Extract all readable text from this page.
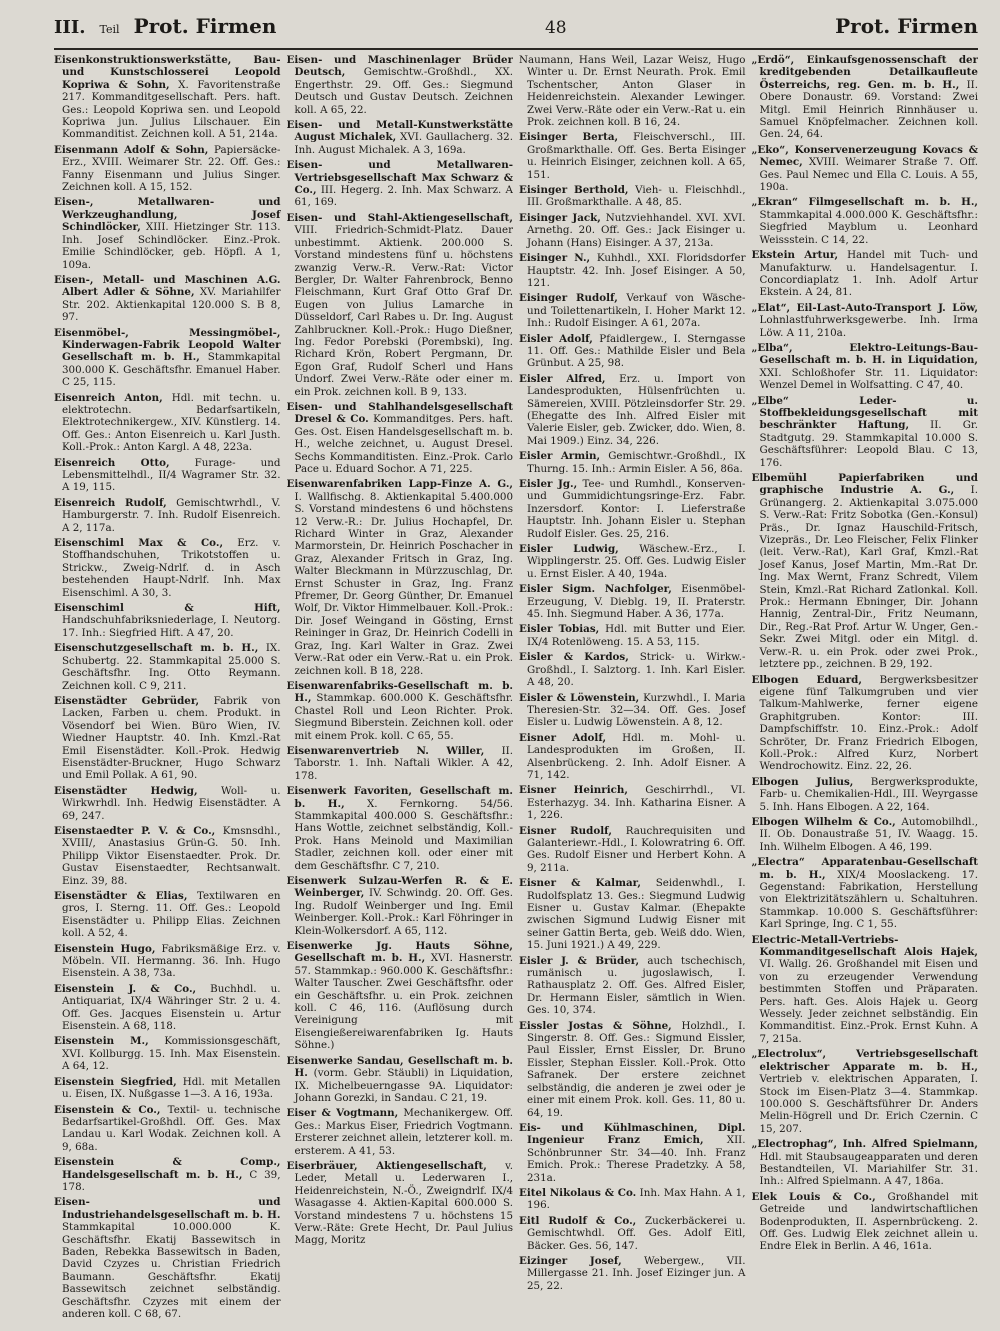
III. Teil Prot. Firmen	48	Prot. Firmen

Eisenkonstruktionswerkstätte, Bau- und Kunstschlosserei Leopold Kopriwa & Sohn, X. Favoritenstraße 217. Kommanditgesellschaft. Pers. haft. Ges.: Leopold Kopriwa sen. und Leopold Kopriwa jun. Julius Lilschauer. Ein Kommanditist. Zeichnen koll. A 51, 214a.

Eisenmann Adolf & Sohn, Papiersäcke-Erz., XVIII. Weimarer Str. 22. Off. Ges.: Fanny Eisenmann und Julius Singer. Zeichnen koll. A 15, 152.

Eisen-, Metallwaren- und Werkzeughandlung, Josef Schindlöcker, XIII. Hietzinger Str. 113. Inh. Josef Schindlöcker. Einz.-Prok. Emilie Schindlöcker, geb. Höpfl. A 1, 109a.

Eisen-, Metall- und Maschinen A.G. Albert Adler & Söhne, XV. Mariahilfer Str. 202. Aktienkapital 120.000 S. B 8, 97.

Eisenmöbel-, Messingmöbel-, Kinderwagen-Fabrik Leopold Walter Gesellschaft m. b. H., Stammkapital 300.000 K. Geschäftsfhr. Emanuel Haber. C 25, 115.

Eisenreich Anton, Hdl. mit techn. u. elektrotechn. Bedarfsartikeln, Elektrotechnikergew., XIV. Künstlerg. 14. Off. Ges.: Anton Eisenreich u. Karl Justh. Koll.-Prok.: Anton Kargl. A 48, 223a.

Eisenreich Otto, Furage- und Lebensmittelhdl., II/4 Wagramer Str. 32. A 19, 115.

Eisenreich Rudolf, Gemischtwrhdl., V. Hamburgerstr. 7. Inh. Rudolf Eisenreich. A 2, 117a.

Eisenschiml Max & Co., Erz. v. Stoffhandschuhen, Trikotstoffen u. Strickw., Zweig-Ndrlf. d. in Asch bestehenden Haupt-Ndrlf. Inh. Max Eisenschiml. A 30, 3.

Eisenschiml & Hift, Handschuhfabriksniederlage, I. Neutorg. 17. Inh.: Siegfried Hift. A 47, 20.

Eisenschutzgesellschaft m. b. H., IX. Schubertg. 22. Stammkapital 25.000 S. Geschäftsfhr. Ing. Otto Reymann. Zeichnen koll. C 9, 211.

Eisenstädter Gebrüder, Fabrik von Lacken, Farben u. chem. Produkt. in Vösendorf bei Wien. Büro Wien, IV. Wiedner Hauptstr. 40. Inh. Kmzl.-Rat Emil Eisenstädter. Koll.-Prok. Hedwig Eisenstädter-Bruckner, Hugo Schwarz und Emil Pollak. A 61, 90.

Eisenstädter Hedwig, Woll- u. Wirkwrhdl. Inh. Hedwig Eisenstädter. A 69, 247.

Eisenstaedter P. V. & Co., Kmsnsdhl., XVIII/, Anastasius Grün-G. 50. Inh. Philipp Viktor Eisenstaedter. Prok. Dr. Gustav Eisenstaedter, Rechtsanwalt. Einz. 39, 88.

Eisenstädter & Elias, Textilwaren en gros, I. Sterng. 11. Off. Ges.: Leopold Eisenstädter u. Philipp Elias. Zeichnen koll. A 52, 4.

Eisenstein Hugo, Fabriksmäßige Erz. v. Möbeln. VII. Hermanng. 36. Inh. Hugo Eisenstein. A 38, 73a.

Eisenstein J. & Co., Buchhdl. u. Antiquariat, IX/4 Währinger Str. 2 u. 4. Off. Ges. Jacques Eisenstein u. Artur Eisenstein. A 68, 118.

Eisenstein M., Kommissionsgeschäft, XVI. Kollburgg. 15. Inh. Max Eisenstein. A 64, 12.

Eisenstein Siegfried, Hdl. mit Metallen u. Eisen, IX. Nußgasse 1—3. A 16, 193a.

Eisenstein & Co., Textil- u. technische Bedarfsartikel-Großhdl. Off. Ges. Max Landau u. Karl Wodak. Zeichnen koll. A 9, 68a.

Eisenstein & Comp., Handelsgesellschaft m. b. H., C 39, 178.

Eisen- und Industriehandelsgesellschaft m. b. H. Stammkapital 10.000.000 K. Geschäftsfhr. Ekatij Bassewitsch in Baden, Rebekka Bassewitsch in Baden, David Czyzes u. Christian Friedrich Baumann. Geschäftsfhr. Ekatij Bassewitsch zeichnet selbständig. Geschäftsfhr. Czyzes mit einem der anderen koll. C 68, 67.

Eisen- und Maschinenlager Brüder Deutsch, Gemischtw.-Großhdl., XX. Engerthstr. 29. Off. Ges.: Siegmund Deutsch und Gustav Deutsch. Zeichnen koll. A 65, 22.

Eisen- und Metall-Kunstwerkstätte August Michalek, XVI. Gaullacherg. 32. Inh. August Michalek. A 3, 169a.

Eisen- und Metallwaren-Vertriebsgesellschaft Max Schwarz & Co., III. Hegerg. 2. Inh. Max Schwarz. A 61, 169.

Eisen- und Stahl-Aktiengesellschaft, VIII. Friedrich-Schmidt-Platz. Dauer unbestimmt. Aktienk. 200.000 S. Vorstand mindestens fünf u. höchstens zwanzig Verw.-R. Verw.-Rat: Victor Bergler, Dr. Walter Fahrenbrock, Benno Fleischmann, Kurt Graf Otto Graf Dr. Eugen von Julius Lamarche in Düsseldorf, Carl Rabes u. Dr. Ing. August Zahlbruckner. Koll.-Prok.: Hugo Dießner, Ing. Fedor Porebski (Porembski), Ing. Richard Krön, Robert Pergmann, Dr. Egon Graf, Rudolf Scherl und Hans Undorf. Zwei Verw.-Räte oder einer m. ein Prok. zeichnen koll. B 9, 133.

Eisen- und Stahlhandelsgesellschaft Dresel & Co. Kommanditges. Pers. haft. Ges. Ost. Eisen Handelsgesellschaft m. b. H., welche zeichnet, u. August Dresel. Sechs Kommanditisten. Einz.-Prok. Carlo Pace u. Eduard Sochor. A 71, 225.

Eisenwarenfabriken Lapp-Finze A. G., I. Wallfischg. 8. Aktienkapital 5.400.000 S. Vorstand mindestens 6 und höchstens 12 Verw.-R.: Dr. Julius Hochapfel, Dr. Richard Winter in Graz, Alexander Marmorstein, Dr. Heinrich Poschacher in Graz, Alexander Fritsch in Graz, Ing. Walter Bleckmann in Mürzzuschlag, Dr. Ernst Schuster in Graz, Ing. Franz Pfremer, Dr. Georg Günther, Dr. Emanuel Wolf, Dr. Viktor Himmelbauer. Koll.-Prok.: Dir. Josef Weingand in Gösting, Ernst Reininger in Graz, Dr. Heinrich Codelli in Graz, Ing. Karl Walter in Graz. Zwei Verw.-Rat oder ein Verw.-Rat u. ein Prok. zeichnen koll. B 18, 228.

Eisenwarenfabriks-Gesellschaft m. b. H., Stammkap. 600.000 K. Geschäftsfhr. Chastel Roll und Leon Richter. Prok. Siegmund Biberstein. Zeichnen koll. oder mit einem Prok. koll. C 65, 55.

Eisenwarenvertrieb N. Willer, II. Taborstr. 1. Inh. Naftali Wikler. A 42, 178.

Eisenwerk Favoriten, Gesellschaft m. b. H., X. Fernkorng. 54/56. Stammkapital 400.000 S. Geschäftsfhr.: Hans Wottle, zeichnet selbständig, Koll.-Prok. Hans Meinold und Maximilian Stadler, zeichnen koll. oder einer mit dem Geschäftsfhr. C 7, 210.

Eisenwerk Sulzau-Werfen R. & E. Weinberger, IV. Schwindg. 20. Off. Ges. Ing. Rudolf Weinberger und Ing. Emil Weinberger. Koll.-Prok.: Karl Föhringer in Klein-Wolkersdorf. A 65, 112.

Eisenwerke Jg. Hauts Söhne, Gesellschaft m. b. H., XVI. Hasnerstr. 57. Stammkap.: 960.000 K. Geschäftsfhr.: Walter Tauscher. Zwei Geschäftsfhr. oder ein Geschäftsfhr. u. ein Prok. zeichnen koll. C 46, 116. (Auflösung durch Vereinigung mit Eisengießereiwarenfabriken Ig. Hauts Söhne.)

Eisenwerke Sandau, Gesellschaft m. b. H. (vorm. Gebr. Stäubli) in Liquidation, IX. Michelbeuerngasse 9A. Liquidator: Johann Gorezki, in Sandau. C 21, 19.

Eiser & Vogtmann, Mechanikergew. Off. Ges.: Markus Eiser, Friedrich Vogtmann. Ersterer zeichnet allein, letzterer koll. m. ersterem. A 41, 53.

Eiserbräuer, Aktiengesellschaft, v. Leder, Metall u. Lederwaren I., Heidenreichstein, N.-Ö., Zweigndrlf. IX/4 Wasagasse 4. Aktien-Kapital 600.000 S. Vorstand mindestens 7 u. höchstens 15 Verw.-Räte: Grete Hecht, Dr. Paul Julius Magg, Moritz

Naumann, Hans Weil, Lazar Weisz, Hugo Winter u. Dr. Ernst Neurath. Prok. Emil Tschentscher, Anton Glaser in Heidenreichstein. Alexander Lewinger. Zwei Verw.-Räte oder ein Verw.-Rat u. ein Prok. zeichnen koll. B 16, 24.

Eisinger Berta, Fleischverschl., III. Großmarkthalle. Off. Ges. Berta Eisinger u. Heinrich Eisinger, zeichnen koll. A 65, 151.

Eisinger Berthold, Vieh- u. Fleischhdl., III. Großmarkthalle. A 48, 85.

Eisinger Jack, Nutzviehhandel. XVI. XVI. Arnethg. 20. Off. Ges.: Jack Eisinger u. Johann (Hans) Eisinger. A 37, 213a.

Eisinger N., Kuhhdl., XXI. Floridsdorfer Hauptstr. 42. Inh. Josef Eisinger. A 50, 121.

Eisinger Rudolf, Verkauf von Wäsche- und Toilettenartikeln, I. Hoher Markt 12. Inh.: Rudolf Eisinger. A 61, 207a.

Eisler Adolf, Pfaidlergew., I. Sterngasse 11. Off. Ges.: Mathilde Eisler und Bela Grünbut. A 25, 98.

Eisler Alfred, Erz. u. Import von Landesprodukten, Hülsenfrüchten u. Sämereien, XVIII. Pötzleinsdorfer Str. 29. (Ehegatte des Inh. Alfred Eisler mit Valerie Eisler, geb. Zwicker, ddo. Wien, 8. Mai 1909.) Einz. 34, 226.

Eisler Armin, Gemischtwr.-Großhdl., IX Thurng. 15. Inh.: Armin Eisler. A 56, 86a.

Eisler Jg., Tee- und Rumhdl., Konserven- und Gummidichtungsringe-Erz. Fabr. Inzersdorf. Kontor: I. Lieferstraße Hauptstr. Inh. Johann Eisler u. Stephan Rudolf Eisler. Ges. 25, 216.

Eisler Ludwig, Wäschew.-Erz., I. Wipplingerstr. 25. Off. Ges. Ludwig Eisler u. Ernst Eisler. A 40, 194a.

Eisler Sigm. Nachfolger, Eisenmöbel-Erzeugung, V. Dieblg. 19, II. Praterstr. 45. Inh. Siegmund Haber. A 36, 177a.

Eisler Tobias, Hdl. mit Butter und Eier. IX/4 Rotenlöweng. 15. A 53, 115.

Eisler & Kardos, Strick- u. Wirkw.-Großhdl., I. Salztorg. 1. Inh. Karl Eisler. A 48, 20.

Eisler & Löwenstein, Kurzwhdl., I. Maria Theresien-Str. 32—34. Off. Ges. Josef Eisler u. Ludwig Löwenstein. A 8, 12.

Eisner Adolf, Hdl. m. Mohl- u. Landesprodukten im Großen, II. Alsenbrückeng. 2. Inh. Adolf Eisner. A 71, 142.

Eisner Heinrich, Geschirrhdl., VI. Esterhazyg. 34. Inh. Katharina Eisner. A 1, 226.

Eisner Rudolf, Rauchrequisiten und Galanteriewr.-Hdl., I. Kolowratring 6. Off. Ges. Rudolf Eisner und Herbert Kohn. A 9, 211a.

Eisner & Kalmar, Seidenwhdl., I. Rudolfsplatz 13. Ges.: Siegmund Ludwig Eisner u. Gustav Kalmar. (Ehepakte zwischen Sigmund Ludwig Eisner mit seiner Gattin Berta, geb. Weiß ddo. Wien, 15. Juni 1921.) A 49, 229.

Eisler J. & Brüder, auch tschechisch, rumänisch u. jugoslawisch, I. Rathausplatz 2. Off. Ges. Alfred Eisler, Dr. Hermann Eisler, sämtlich in Wien. Ges. 10, 374.

Eissler Jostas & Söhne, Holzhdl., I. Singerstr. 8. Off. Ges.: Sigmund Eissler, Paul Eissler, Ernst Eissler, Dr. Bruno Eissler, Stephan Eissler. Koll.-Prok. Otto Safranek. Der erstere zeichnet selbständig, die anderen je zwei oder je einer mit einem Prok. koll. Ges. 11, 80 u. 64, 19.

Eis- und Kühlmaschinen, Dipl. Ingenieur Franz Emich, XII. Schönbrunner Str. 34—40. Inh. Franz Emich. Prok.: Therese Pradetzky. A 58, 231a.

Eitel Nikolaus & Co. Inh. Max Hahn. A 1, 196.

Eitl Rudolf & Co., Zuckerbäckerei u. Gemischtwhdl. Off. Ges. Adolf Eitl, Bäcker. Ges. 56, 147.

Eizinger Josef, Webergew., VII. Millergasse 21. Inh. Josef Eizinger jun. A 25, 22.

„Erdö“, Einkaufsgenossenschaft der kreditgebenden Detailkaufleute Österreichs, reg. Gen. m. b. H., II. Obere Donaustr. 69. Vorstand: Zwei Mitgl. Emil Heinrich Rinnhäuser u. Samuel Knöpfelmacher. Zeichnen koll. Gen. 24, 64.

„Eko“, Konservenerzeugung Kovacs & Nemec, XVIII. Weimarer Straße 7. Off. Ges. Paul Nemec und Ella C. Louis. A 55, 190a.

„Ekran“ Filmgesellschaft m. b. H., Stammkapital 4.000.000 K. Geschäftsfhr.: Siegfried Mayblum u. Leonhard Weissstein. C 14, 22.

Ekstein Artur, Handel mit Tuch- und Manufakturw. u. Handelsagentur. I. Concordiaplatz 1. Inh. Adolf Artur Ekstein. A 24, 81.

„Elat“, Eil-Last-Auto-Transport J. Löw, Lohnlastfuhrwerksgewerbe. Inh. Irma Löw. A 11, 210a.

„Elba“, Elektro-Leitungs-Bau-Gesellschaft m. b. H. in Liquidation, XXI. Schloßhofer Str. 11. Liquidator: Wenzel Demel in Wolfsatting. C 47, 40.

„Elbe“ Leder- u. Stoffbekleidungsgesellschaft mit beschränkter Haftung, II. Gr. Stadtgutg. 29. Stammkapital 10.000 S. Geschäftsführer: Leopold Blau. C 13, 176.

Elbemühl Papierfabriken und graphische Industrie A. G., I. Grünangerg. 2. Aktienkapital 3.075.000 S. Verw.-Rat: Fritz Sobotka (Gen.-Konsul) Präs., Dr. Ignaz Hauschild-Fritsch, Vizepräs., Dr. Leo Fleischer, Felix Flinker (leit. Verw.-Rat), Karl Graf, Kmzl.-Rat Josef Kanus, Josef Martin, Mm.-Rat Dr. Ing. Max Wernt, Franz Schredt, Vilem Stein, Kmzl.-Rat Richard Zatlonkal. Koll. Prok.: Hermann Ebninger, Dir. Johann Hannig, Zentral-Dir., Fritz Neumann, Dir., Reg.-Rat Prof. Artur W. Unger, Gen.-Sekr. Zwei Mitgl. oder ein Mitgl. d. Verw.-R. u. ein Prok. oder zwei Prok., letztere pp., zeichnen. B 29, 192.

Elbogen Eduard, Bergwerksbesitzer eigene fünf Talkumgruben und vier Talkum-Mahlwerke, ferner eigene Graphitgruben. Kontor: III. Dampfschiffstr. 10. Einz.-Prok.: Adolf Schröter, Dr. Franz Friedrich Elbogen, Koll.-Prok.: Alfred Kurz, Norbert Wendrochowitz. Einz. 22, 26.

Elbogen Julius, Bergwerksprodukte, Farb- u. Chemikalien-Hdl., III. Weyrgasse 5. Inh. Hans Elbogen. A 22, 164.

Elbogen Wilhelm & Co., Automobilhdl., II. Ob. Donaustraße 51, IV. Waagg. 15. Inh. Wilhelm Elbogen. A 46, 199.

„Electra“ Apparatenbau-Gesellschaft m. b. H., XIX/4 Mooslackeng. 17. Gegenstand: Fabrikation, Herstellung von Elektrizitätszählern u. Schaltuhren. Stammkap. 10.000 S. Geschäftsführer: Karl Springe, Ing. C 1, 55.

Electric-Metall-Vertriebs-Kommanditgesellschaft Alois Hajek, VI. Wallg. 26. Großhandel mit Eisen und von zu erzeugender Verwendung bestimmten Stoffen und Präparaten. Pers. haft. Ges. Alois Hajek u. Georg Wessely. Jeder zeichnet selbständig. Ein Kommanditist. Einz.-Prok. Ernst Kuhn. A 7, 215a.

„Electrolux“, Vertriebsgesellschaft elektrischer Apparate m. b. H., Vertrieb v. elektrischen Apparaten, I. Stock im Eisen-Platz 3—4. Stammkap. 100.000 S. Geschäftsführer Dr. Anders Melin-Högrell und Dr. Erich Czernin. C 15, 207.

„Electrophag“, Inh. Alfred Spielmann, Hdl. mit Staubsaugeapparaten und deren Bestandteilen, VI. Mariahilfer Str. 31. Inh.: Alfred Spielmann. A 47, 186a.

Elek Louis & Co., Großhandel mit Getreide und landwirtschaftlichen Bodenprodukten, II. Aspernbrückeng. 2. Off. Ges. Ludwig Elek zeichnet allein u. Endre Elek in Berlin. A 46, 161a.
